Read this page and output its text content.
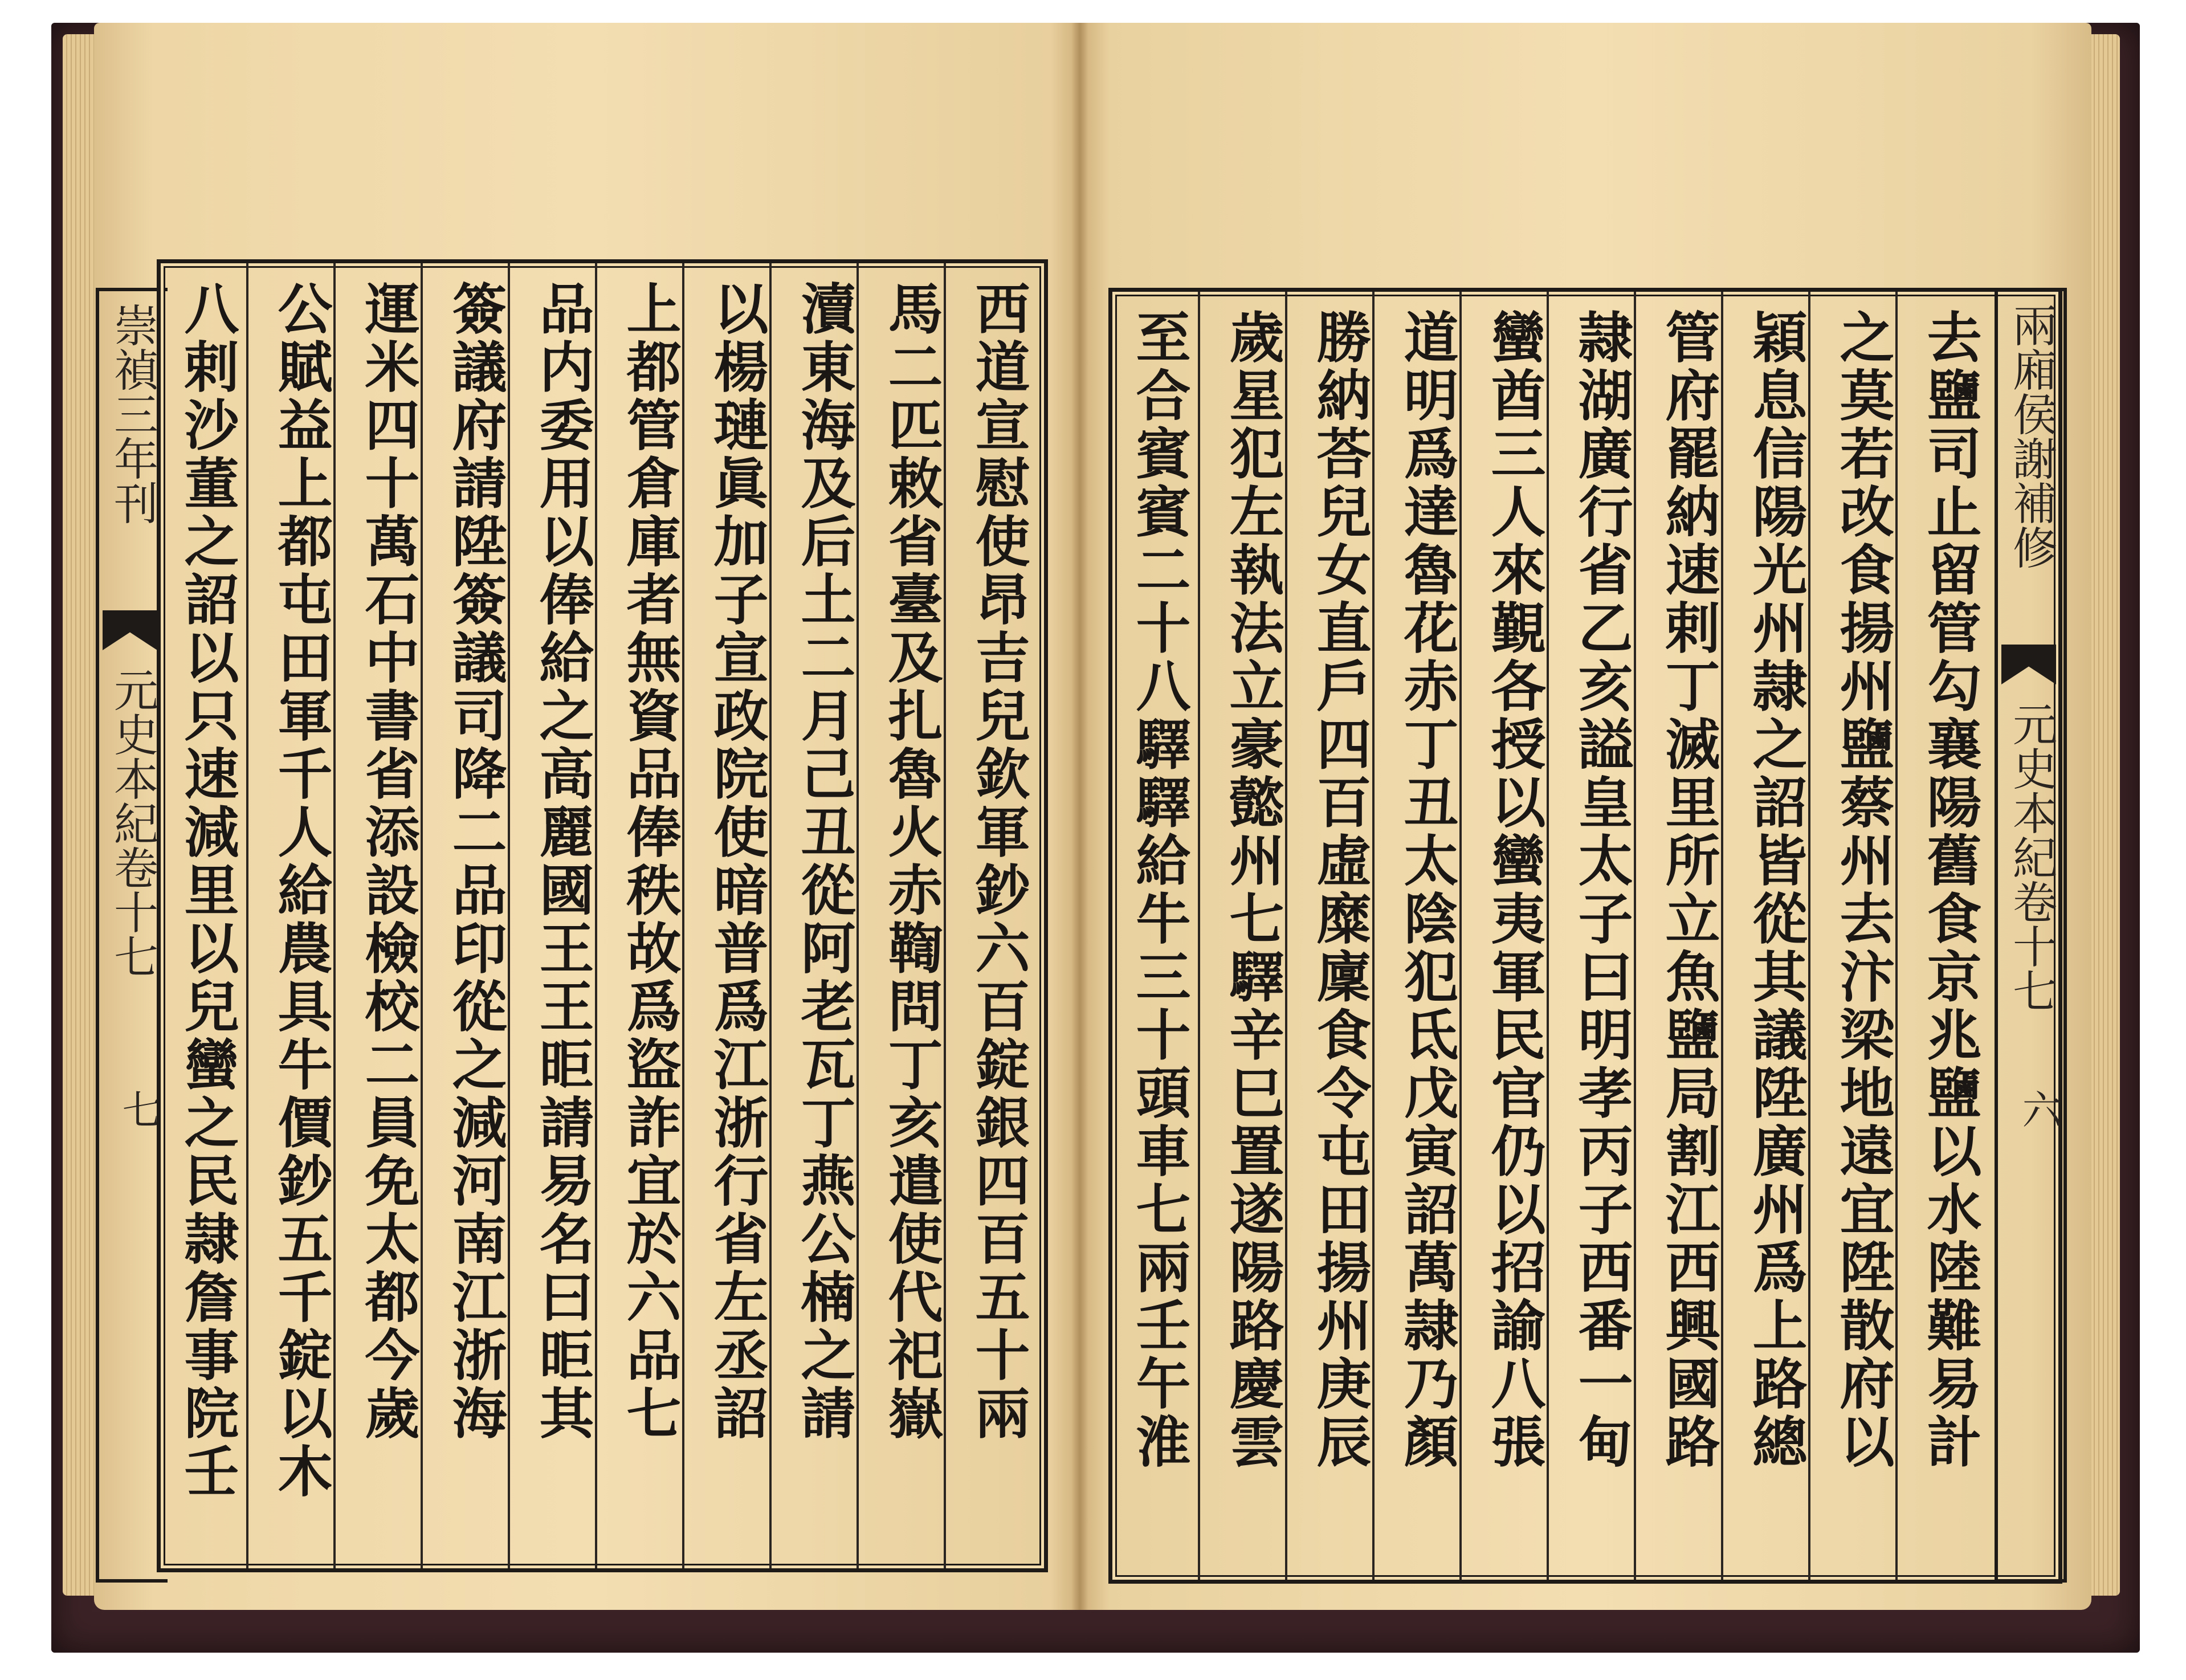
崇禎三年刊
元史本紀卷十七
七	西道宣慰使昂吉兒欽軍鈔六百錠銀四百五十兩
馬二匹敕省臺及扎魯火赤鞫問丁亥遣使代祀嶽
瀆東海及后土二月己丑從阿老瓦丁燕公楠之請
以楊璉眞加子宣政院使暗普爲江浙行省左丞詔
上都管倉庫者無資品俸秩故爲盜詐宜於六品七
品内委用以俸給之高麗國王王昛請易名曰昛其
簽議府請陞簽議司降二品印從之減河南江浙海
運米四十萬石中書省添設檢校二員免太都今歲
公賦益上都屯田軍千人給農具牛價鈔五千錠以木
八剌沙董之詔以只速減里以兒蠻之民隷詹事院壬	去鹽司止留管勾襄陽舊食京兆鹽以水陸難易計
之莫若改食揚州鹽蔡州去汴梁地遠宜陞散府以
穎息信陽光州隷之詔皆從其議陞廣州爲上路總
管府罷納速剌丁滅里所立魚鹽局割江西興國路
隷湖廣行省乙亥謚皇太子曰明孝丙子西番一甸
蠻酋三人來覲各授以蠻夷軍民官仍以招諭八張
道明爲達魯花赤丁丑太陰犯氐戊寅詔萬隷乃顏
勝納荅兒女直戶四百虛糜廩食令屯田揚州庚辰
歲星犯左執法立豪懿州七驛辛巳置遂陽路慶雲
至合賓賓二十八驛驛給牛三十頭車七兩壬午淮	兩廂侯謝補修
元史本紀卷十七
六
